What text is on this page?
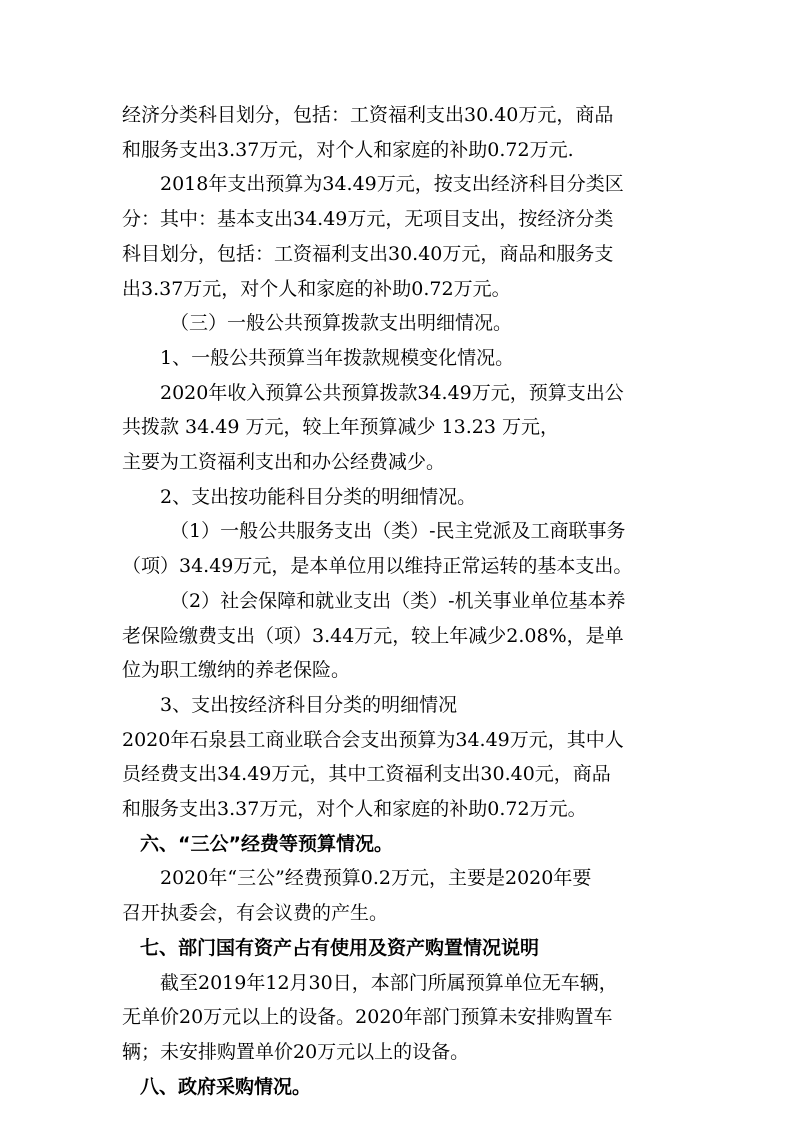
经济分类科目划分，包括：工资福利支出30.40万元，商品
和服务支出3.37万元，对个人和家庭的补助0.72万元.
2018年支出预算为34.49万元，按支出经济科目分类区
分：其中：基本支出34.49万元，无项目支出，按经济分类
科目划分，包括：工资福利支出30.40万元，商品和服务支
出3.37万元，对个人和家庭的补助0.72万元。
（三）一般公共预算拨款支出明细情况。
1、一般公共预算当年拨款规模变化情况。
2020年收入预算公共预算拨款34.49万元，预算支出公
共拨款 34.49 万元，较上年预算减少 13.23 万元，
主要为工资福利支出和办公经费减少。
2、支出按功能科目分类的明细情况。
（1）一般公共服务支出（类）-民主党派及工商联事务
（项）34.49万元，是本单位用以维持正常运转的基本支出。
（2）社会保障和就业支出（类）-机关事业单位基本养
老保险缴费支出（项）3.44万元，较上年减少2.08%，是单
位为职工缴纳的养老保险。
3、支出按经济科目分类的明细情况
2020年石泉县工商业联合会支出预算为34.49万元，其中人
员经费支出34.49万元，其中工资福利支出30.40元，商品
和服务支出3.37万元，对个人和家庭的补助0.72万元。
六、“三公”经费等预算情况。
2020年“三公”经费预算0.2万元，主要是2020年要
召开执委会，有会议费的产生。
七、部门国有资产占有使用及资产购置情况说明
截至2019年12月30日，本部门所属预算单位无车辆，
无单价20万元以上的设备。2020年部门预算未安排购置车
辆；未安排购置单价20万元以上的设备。
八、政府采购情况。
